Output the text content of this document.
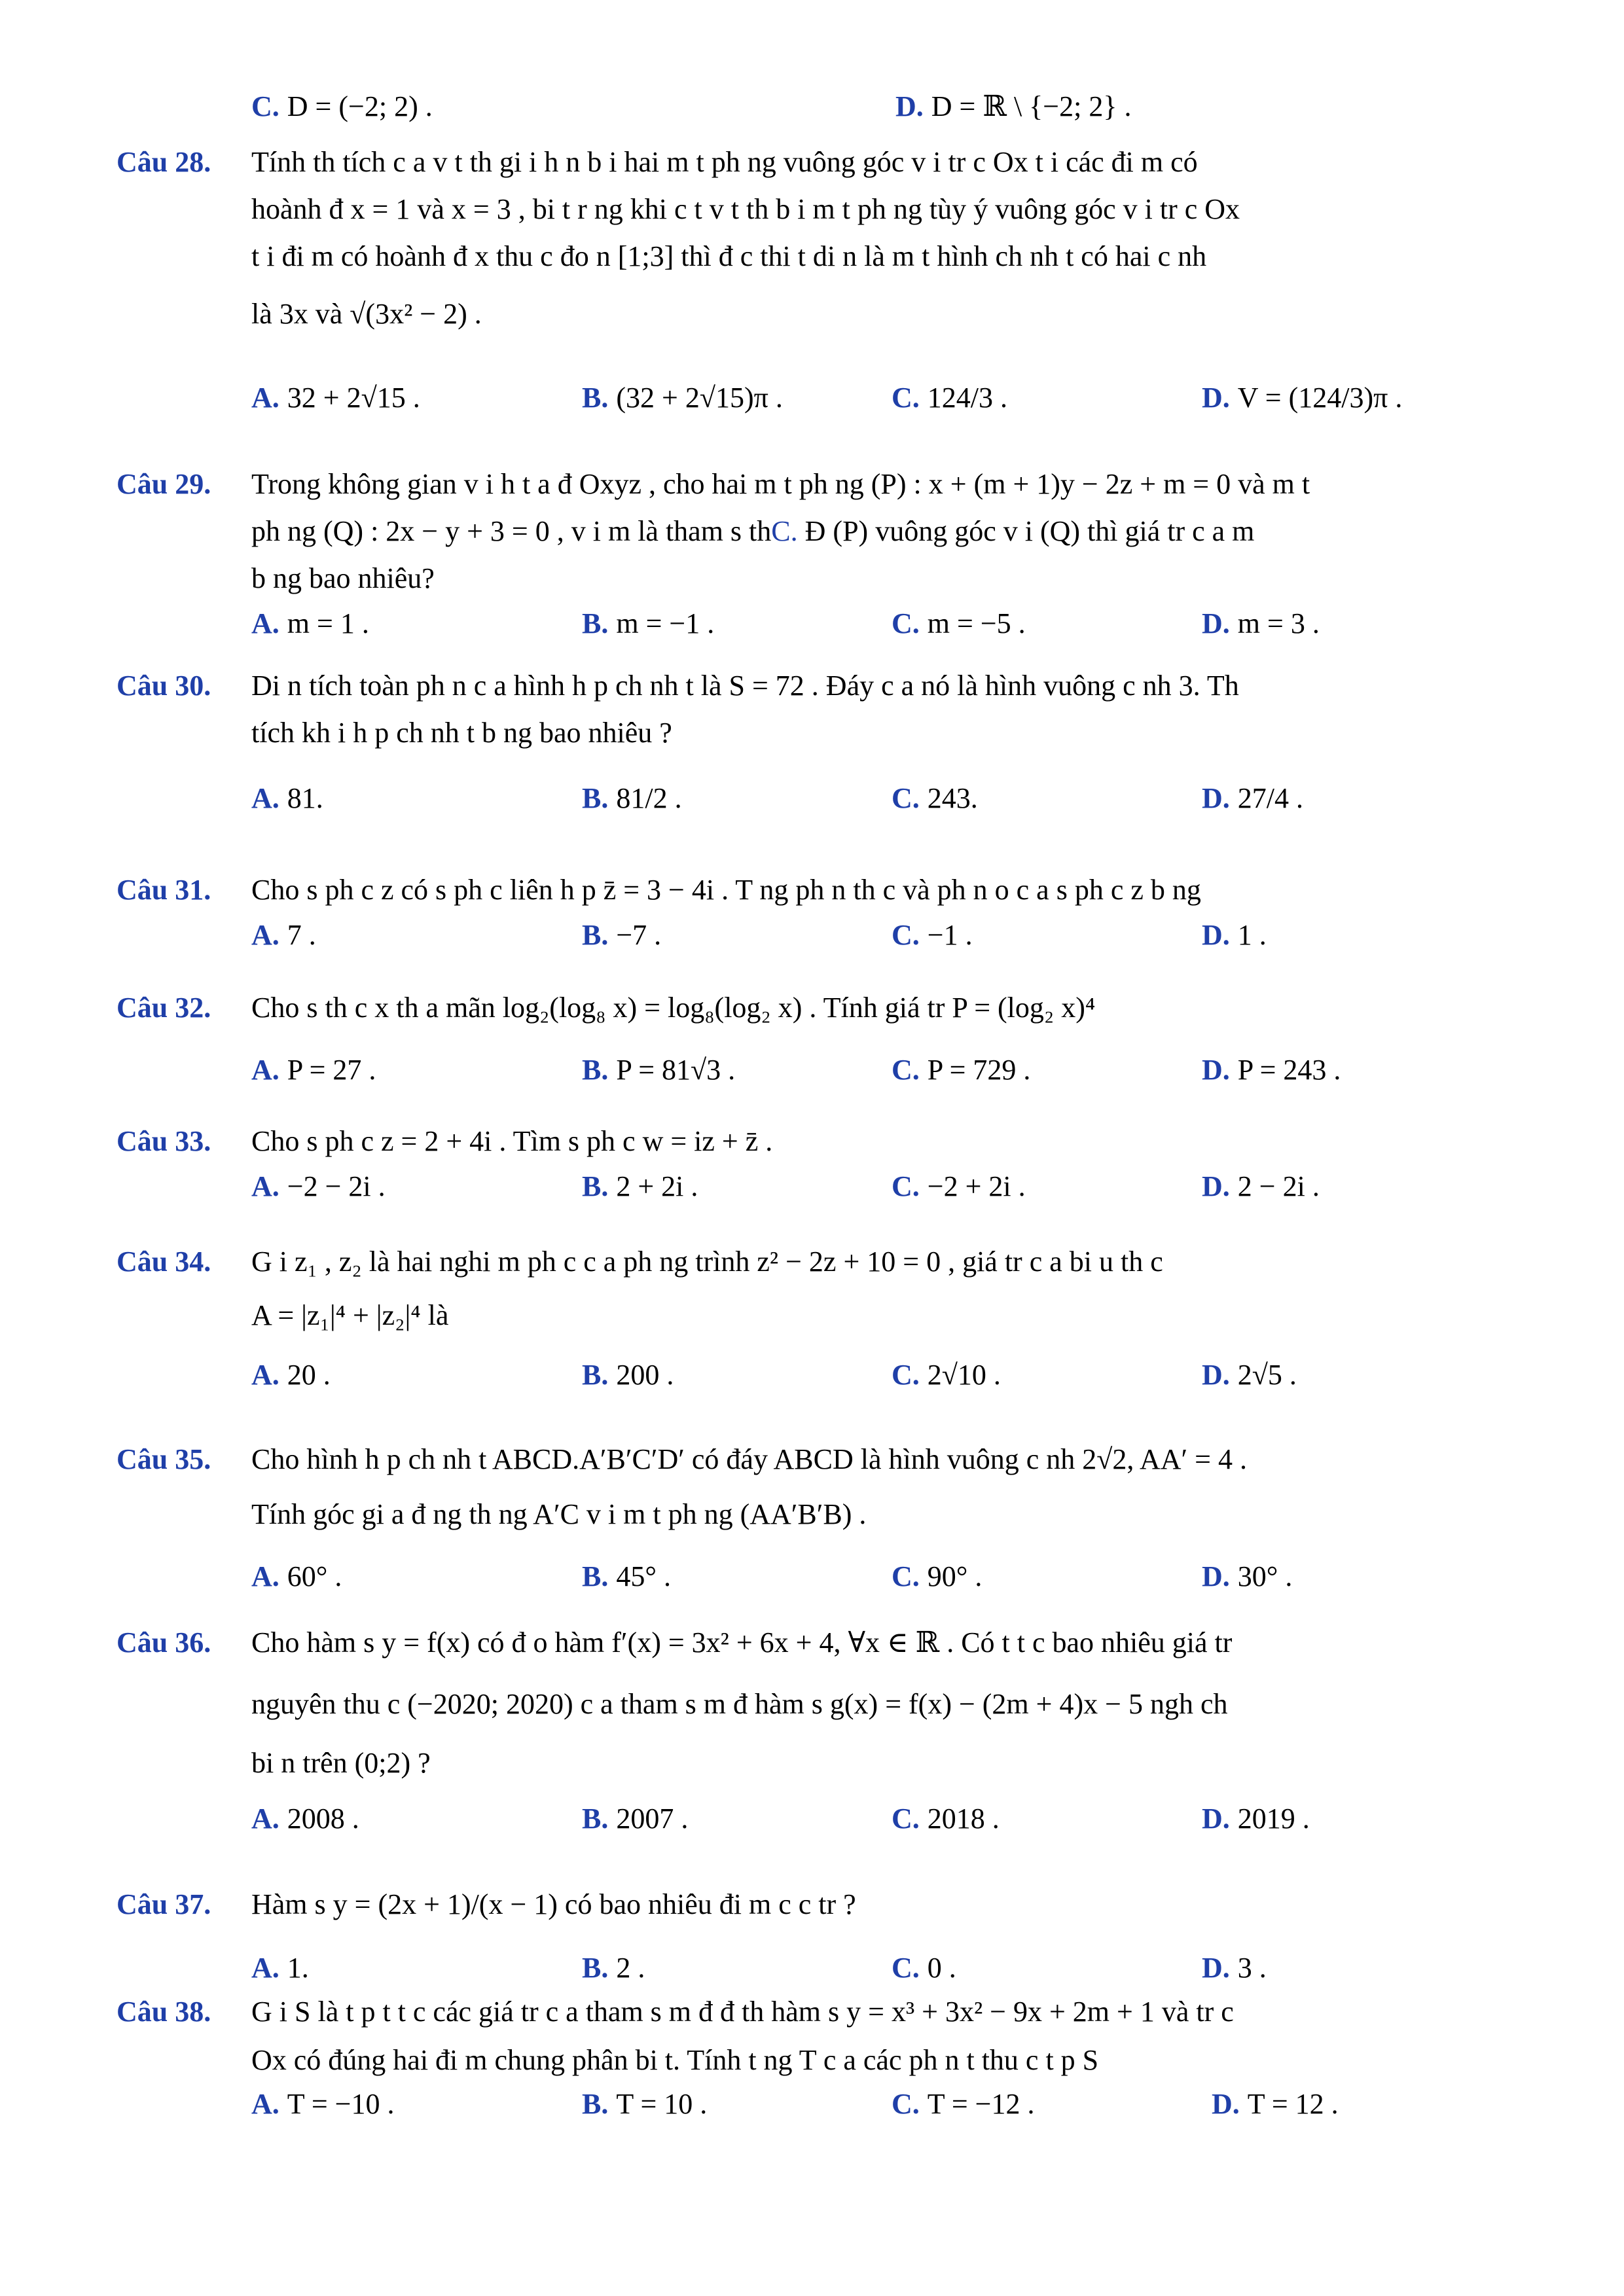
C. D = (−2; 2) .	D. D = ℝ \ {−2; 2} .
Câu 28. Tính th tích c a v t th gi i h n b i hai m t ph ng vuông góc v i tr c Ox t i các đi m có
hoành đ x = 1 và x = 3 , bi t r ng khi c t v t th b i m t ph ng tùy ý vuông góc v i tr c Ox
t i đi m có hoành đ x thu c đo n [1;3] thì đ c thi t di n là m t hình ch nh t có hai c nh
là 3x và √(3x² − 2) .
A. 32 + 2√15 .	B. (32 + 2√15)π .	C. 124/3 .	D. V = (124/3)π .
Câu 29. Trong không gian v i h t a đ Oxyz , cho hai m t ph ng (P) : x + (m + 1)y − 2z + m = 0 và m t
ph ng (Q) : 2x − y + 3 = 0 , v i m là tham s thC. Đ (P) vuông góc v i (Q) thì giá tr c a m
b ng bao nhiêu?
A. m = 1 .	B. m = −1 .	C. m = −5 .	D. m = 3 .
Câu 30. Di n tích toàn ph n c a hình h p ch nh t là S = 72 . Đáy c a nó là hình vuông c nh 3. Th
tích kh i h p ch nh t b ng bao nhiêu ?
A. 81.	B. 81/2 .	C. 243.	D. 27/4 .
Câu 31. Cho s ph c z có s ph c liên h p z̄ = 3 − 4i . T ng ph n th c và ph n o c a s ph c z b ng
A. 7 .	B. −7 .	C. −1 .	D. 1 .
Câu 32. Cho s th c x th a mãn log₂(log₈ x) = log₈(log₂ x) . Tính giá tr P = (log₂ x)⁴
A. P = 27 .	B. P = 81√3 .	C. P = 729 .	D. P = 243 .
Câu 33. Cho s ph c z = 2 + 4i . Tìm s ph c w = iz + z̄ .
A. −2 − 2i .	B. 2 + 2i .	C. −2 + 2i .	D. 2 − 2i .
Câu 34. G i z₁ , z₂ là hai nghi m ph c c a ph ng trình z² − 2z + 10 = 0 , giá tr c a bi u th c
A = |z₁|⁴ + |z₂|⁴ là
A. 20 .	B. 200 .	C. 2√10 .	D. 2√5 .
Câu 35. Cho hình h p ch nh t ABCD.A′B′C′D′ có đáy ABCD là hình vuông c nh 2√2, AA′ = 4 .
Tính góc gi a đ ng th ng A′C v i m t ph ng (AA′B′B) .
A. 60° .	B. 45° .	C. 90° .	D. 30° .
Câu 36. Cho hàm s y = f(x) có đ o hàm f′(x) = 3x² + 6x + 4, ∀x ∈ ℝ . Có t t c bao nhiêu giá tr
nguyên thu c (−2020; 2020) c a tham s m đ hàm s g(x) = f(x) − (2m + 4)x − 5 ngh ch
bi n trên (0;2) ?
A. 2008 .	B. 2007 .	C. 2018 .	D. 2019 .
Câu 37. Hàm s y = (2x + 1)/(x − 1) có bao nhiêu đi m c c tr ?
A. 1.	B. 2 .	C. 0 .	D. 3 .
Câu 38. G i S là t p t t c các giá tr c a tham s m đ đ th hàm s y = x³ + 3x² − 9x + 2m + 1 và tr c
Ox có đúng hai đi m chung phân bi t. Tính t ng T c a các ph n t thu c t p S
A. T = −10 .	B. T = 10 .	C. T = −12 .	D. T = 12 .
